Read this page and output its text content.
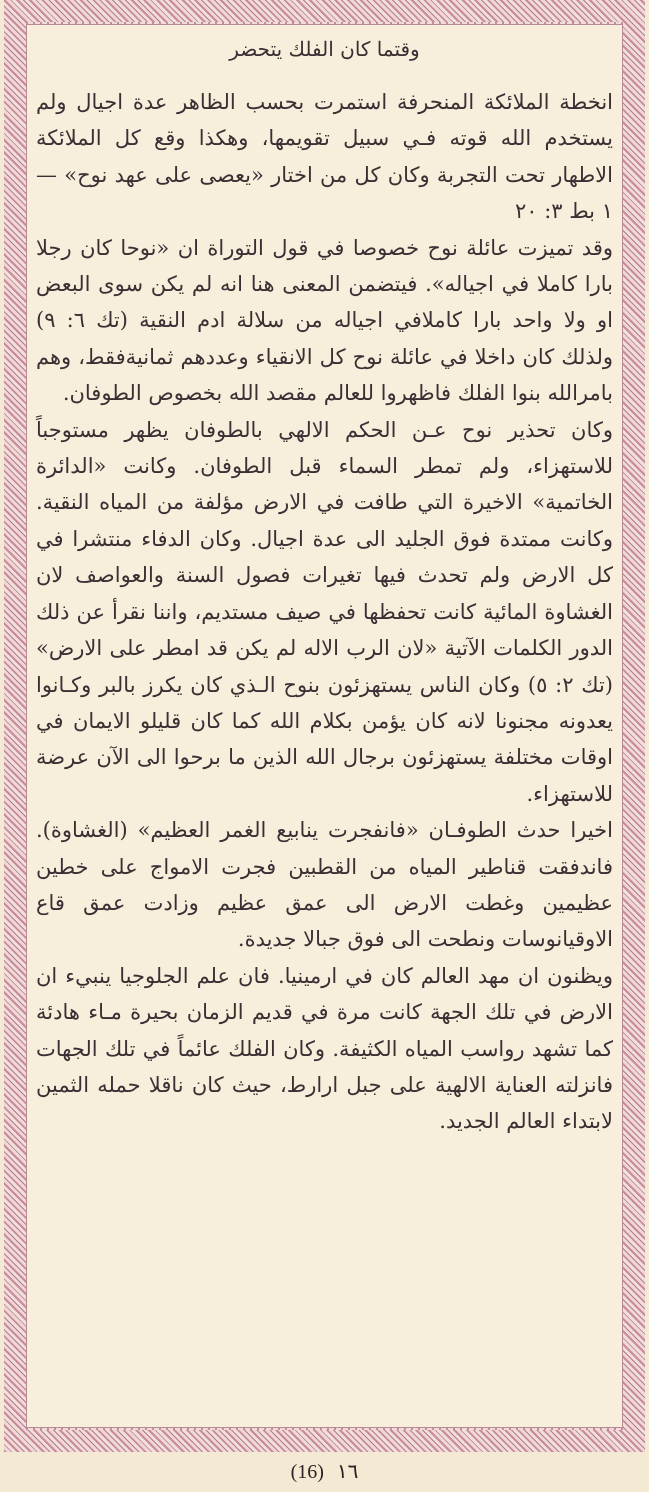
وقتما كان الفلك يتحضر

انخطة الملائكة المنحرفة استمرت بحسب الظاهر عدة اجيال ولم يستخدم الله قوته فـي سبيل تقويمها، وهكذا وقع كل الملائكة الاطهار تحت التجربة وكان كل من اختار «يعصى على عهد نوح» — ١ بط ٣: ٢٠

وقد تميزت عائلة نوح خصوصا في قول التوراة ان «نوحا كان رجلا بارا كاملا في اجياله». فيتضمن المعنى هنا انه لم يكن سوى البعض او ولا واحد بارا كاملافي اجياله من سلالة ادم النقية (تك ٦: ٩) ولذلك كان داخلا في عائلة نوح كل الانقياء وعددهم ثمانيةفقط، وهم بامرالله بنوا الفلك فاظهروا للعالم مقصد الله بخصوص الطوفان.

وكان تحذير نوح عـن الحكم الالهي بالطوفان يظهر مستوجباً للاستهزاء، ولم تمطر السماء قبل الطوفان. وكانت «الدائرة الخاتمية» الاخيرة التي طافت في الارض مؤلفة من المياه النقية. وكانت ممتدة فوق الجليد الى عدة اجيال. وكان الدفاء منتشرا في كل الارض ولم تحدث فيها تغيرات فصول السنة والعواصف لان الغشاوة المائية كانت تحفظها في صيف مستديم، واننا نقرأ عن ذلك الدور الكلمات الآتية «لان الرب الاله لم يكن قد امطر على الارض» (تك ٢: ٥) وكان الناس يستهزئون بنوح الـذي كان يكرز بالبر وكـانوا يعدونه مجنونا لانه كان يؤمن بكلام الله كما كان قليلو الايمان في اوقات مختلفة يستهزئون برجال الله الذين ما برحوا الى الآن عرضة للاستهزاء.

اخيرا حدث الطوفـان «فانفجرت ينابيع الغمر العظيم» (الغشاوة). فاندفقت قناطير المياه من القطبين فجرت الامواج على خطين عظيمين وغطت الارض الى عمق عظيم وزادت عمق قاع الاوقيانوسات ونطحت الى فوق جبالا جديدة.

ويظنون ان مهد العالم كان في ارمينيا. فان علم الجلوجيا ينبيء ان الارض في تلك الجهة كانت مرة في قديم الزمان بحيرة مـاء هادئة كما تشهد رواسب المياه الكثيفة. وكان الفلك عائماً في تلك الجهات فانزلته العناية الالهية على جبل ارارط، حيث كان ناقلا حمله الثمين لابتداء العالم الجديد.

(16) ١٦
